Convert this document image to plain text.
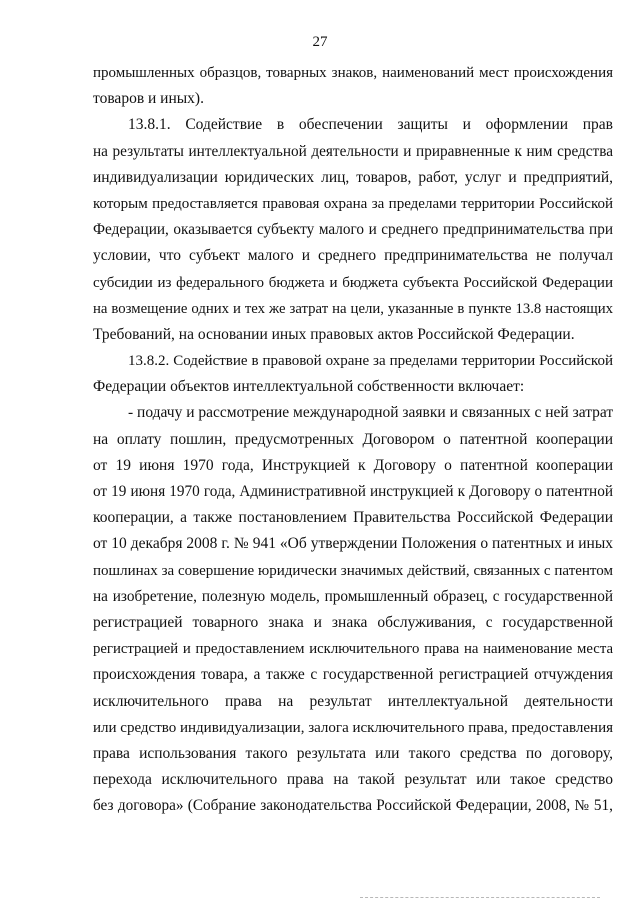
27
промышленных образцов, товарных знаков, наименований мест происхождения
товаров и иных).
13.8.1. Содействие в обеспечении защиты и оформлении прав
на результаты интеллектуальной деятельности и приравненные к ним средства
индивидуализации юридических лиц, товаров, работ, услуг и предприятий,
которым предоставляется правовая охрана за пределами территории Российской
Федерации, оказывается субъекту малого и среднего предпринимательства при
условии, что субъект малого и среднего предпринимательства не получал
субсидии из федерального бюджета и бюджета субъекта Российской Федерации
на возмещение одних и тех же затрат на цели, указанные в пункте 13.8 настоящих
Требований, на основании иных правовых актов Российской Федерации.
13.8.2. Содействие в правовой охране за пределами территории Российской
Федерации объектов интеллектуальной собственности включает:
- подачу и рассмотрение международной заявки и связанных с ней затрат
на оплату пошлин, предусмотренных Договором о патентной кооперации
от 19 июня 1970 года, Инструкцией к Договору о патентной кооперации
от 19 июня 1970 года, Административной инструкцией к Договору о патентной
кооперации, а также постановлением Правительства Российской Федерации
от 10 декабря 2008 г. № 941 «Об утверждении Положения о патентных и иных
пошлинах за совершение юридически значимых действий, связанных с патентом
на изобретение, полезную модель, промышленный образец, с государственной
регистрацией товарного знака и знака обслуживания, с государственной
регистрацией и предоставлением исключительного права на наименование места
происхождения товара, а также с государственной регистрацией отчуждения
исключительного права на результат интеллектуальной деятельности
или средство индивидуализации, залога исключительного права, предоставления
права использования такого результата или такого средства по договору,
перехода исключительного права на такой результат или такое средство
без договора» (Собрание законодательства Российской Федерации, 2008, № 51,
